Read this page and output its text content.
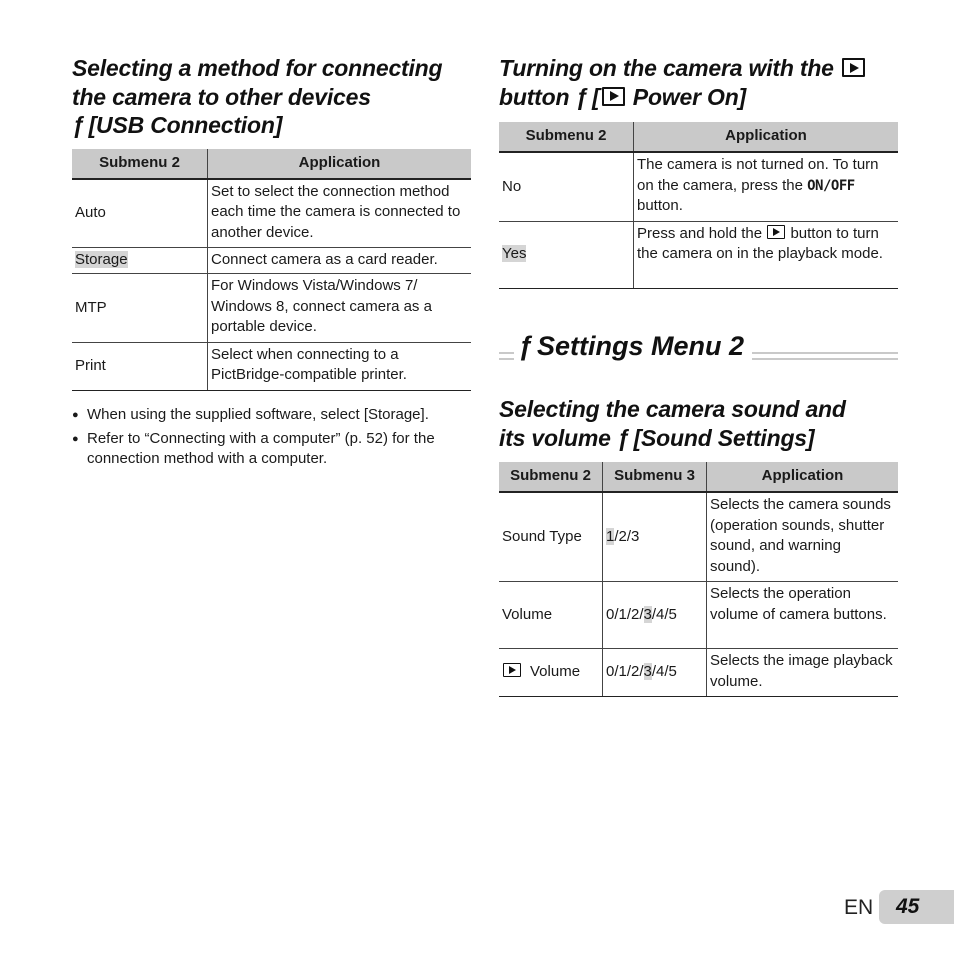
Selecting a method for connecting
the camera to other devices
ƒ [USB Connection]
Submenu 2	Application
Auto	Set to select the connection method each time the camera is connected to another device.
Storage	Connect camera as a card reader.
MTP	For Windows Vista/Windows 7/ Windows 8, connect camera as a portable device.
Print	Select when connecting to a PictBridge-compatible printer.
● When using the supplied software, select [Storage].
● Refer to “Connecting with a computer” (p. 52) for the connection method with a computer.
Turning on the camera with the
button ƒ [ Power On]
Submenu 2	Application
No	The camera is not turned on. To turn on the camera, press the ON/OFF button.
Yes	Press and hold the button to turn the camera on in the playback mode.
ƒ Settings Menu 2
Selecting the camera sound and
its volume ƒ [Sound Settings]
Submenu 2	Submenu 3	Application
Sound Type	1/2/3	Selects the camera sounds (operation sounds, shutter sound, and warning sound).
Volume	0/1/2/3/4/5	Selects the operation volume of camera buttons.
Volume	0/1/2/3/4/5	Selects the image playback volume.
EN	45
